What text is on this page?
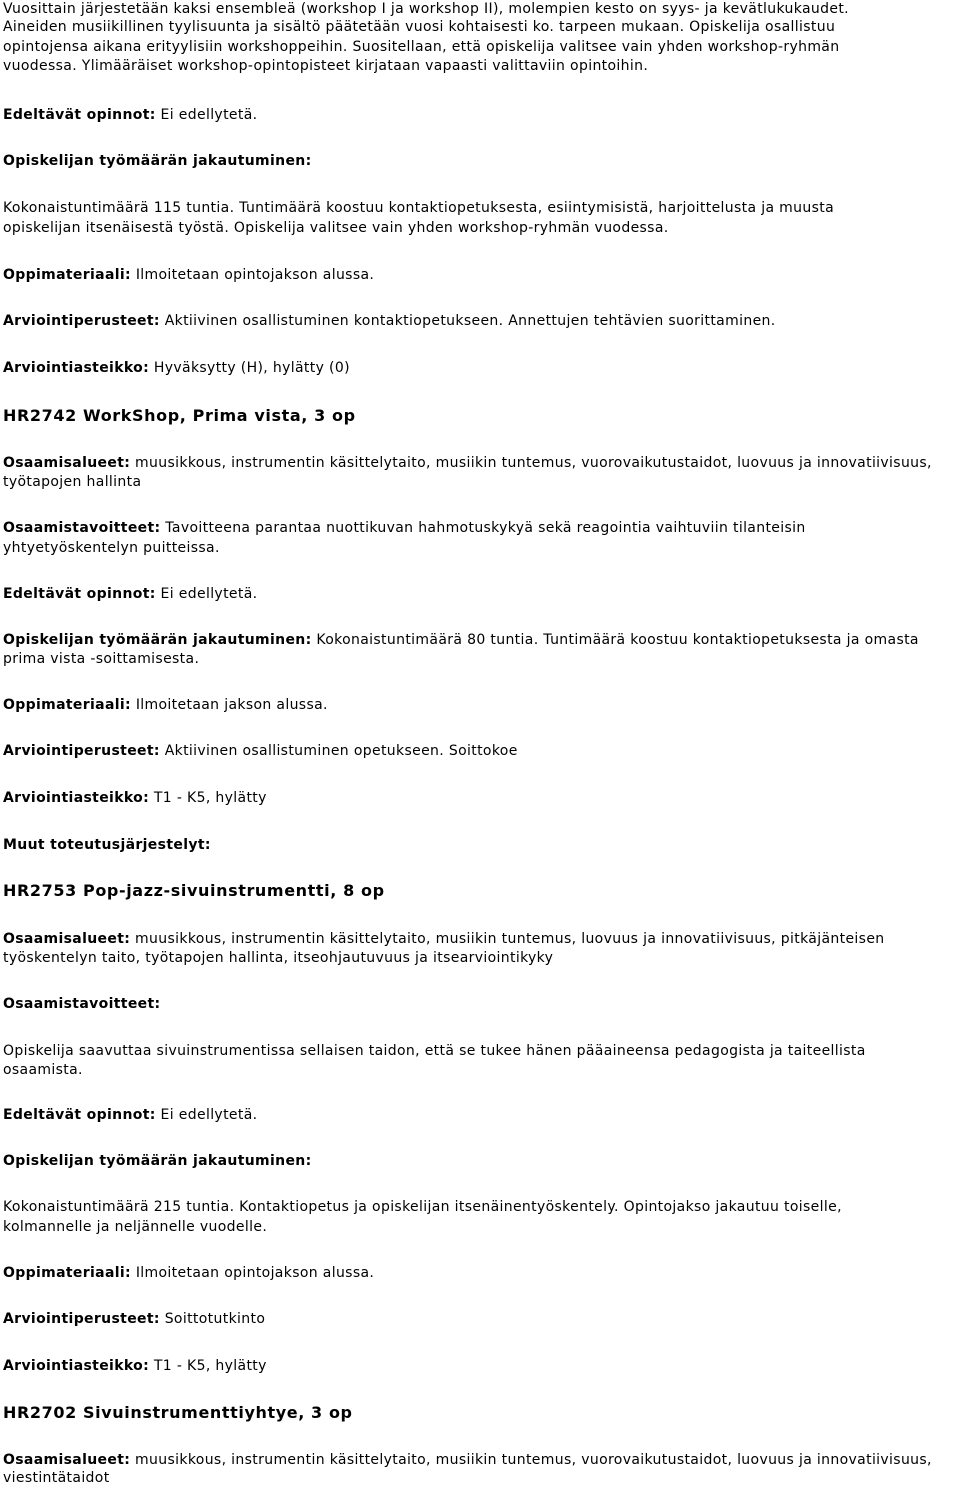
Vuosittain järjestetään kaksi ensembleä (workshop I ja workshop II), molempien kesto on syys- ja kevätlukukaudet.
Aineiden musiikillinen tyylisuunta ja sisältö päätetään vuosi kohtaisesti ko. tarpeen mukaan. Opiskelija osallistuu
opintojensa aikana erityylisiin workshoppeihin. Suositellaan, että opiskelija valitsee vain yhden workshop-ryhmän
vuodessa. Ylimääräiset workshop-opintopisteet kirjataan vapaasti valittaviin opintoihin.
Edeltävät opinnot: Ei edellytetä.
Opiskelijan työmäärän jakautuminen:
Kokonaistuntimäärä 115 tuntia. Tuntimäärä koostuu kontaktiopetuksesta, esiintymisistä, harjoittelusta ja muusta
opiskelijan itsenäisestä työstä. Opiskelija valitsee vain yhden workshop-ryhmän vuodessa.
Oppimateriaali: Ilmoitetaan opintojakson alussa.
Arviointiperusteet: Aktiivinen osallistuminen kontaktiopetukseen. Annettujen tehtävien suorittaminen.
Arviointiasteikko: Hyväksytty (H), hylätty (0)
HR2742 WorkShop, Prima vista, 3 op
Osaamisalueet: muusikkous, instrumentin käsittelytaito, musiikin tuntemus, vuorovaikutustaidot, luovuus ja innovatiivisuus,
työtapojen hallinta
Osaamistavoitteet: Tavoitteena parantaa nuottikuvan hahmotuskykyä sekä reagointia vaihtuviin tilanteisin
yhtyetyöskentelyn puitteissa.
Edeltävät opinnot: Ei edellytetä.
Opiskelijan työmäärän jakautuminen: Kokonaistuntimäärä 80 tuntia. Tuntimäärä koostuu kontaktiopetuksesta ja omasta
prima vista -soittamisesta.
Oppimateriaali: Ilmoitetaan jakson alussa.
Arviointiperusteet: Aktiivinen osallistuminen opetukseen. Soittokoe
Arviointiasteikko: T1 - K5, hylätty
Muut toteutusjärjestelyt:
HR2753 Pop-jazz-sivuinstrumentti, 8 op
Osaamisalueet: muusikkous, instrumentin käsittelytaito, musiikin tuntemus, luovuus ja innovatiivisuus, pitkäjänteisen
työskentelyn taito, työtapojen hallinta, itseohjautuvuus ja itsearviointikyky
Osaamistavoitteet:
Opiskelija saavuttaa sivuinstrumentissa sellaisen taidon, että se tukee hänen pääaineensa pedagogista ja taiteellista
osaamista.
Edeltävät opinnot: Ei edellytetä.
Opiskelijan työmäärän jakautuminen:
Kokonaistuntimäärä 215 tuntia. Kontaktiopetus ja opiskelijan itsenäinentyöskentely. Opintojakso jakautuu toiselle,
kolmannelle ja neljännelle vuodelle.
Oppimateriaali: Ilmoitetaan opintojakson alussa.
Arviointiperusteet: Soittotutkinto
Arviointiasteikko: T1 - K5, hylätty
HR2702 Sivuinstrumenttiyhtye, 3 op
Osaamisalueet: muusikkous, instrumentin käsittelytaito, musiikin tuntemus, vuorovaikutustaidot, luovuus ja innovatiivisuus,
viestintätaidot
